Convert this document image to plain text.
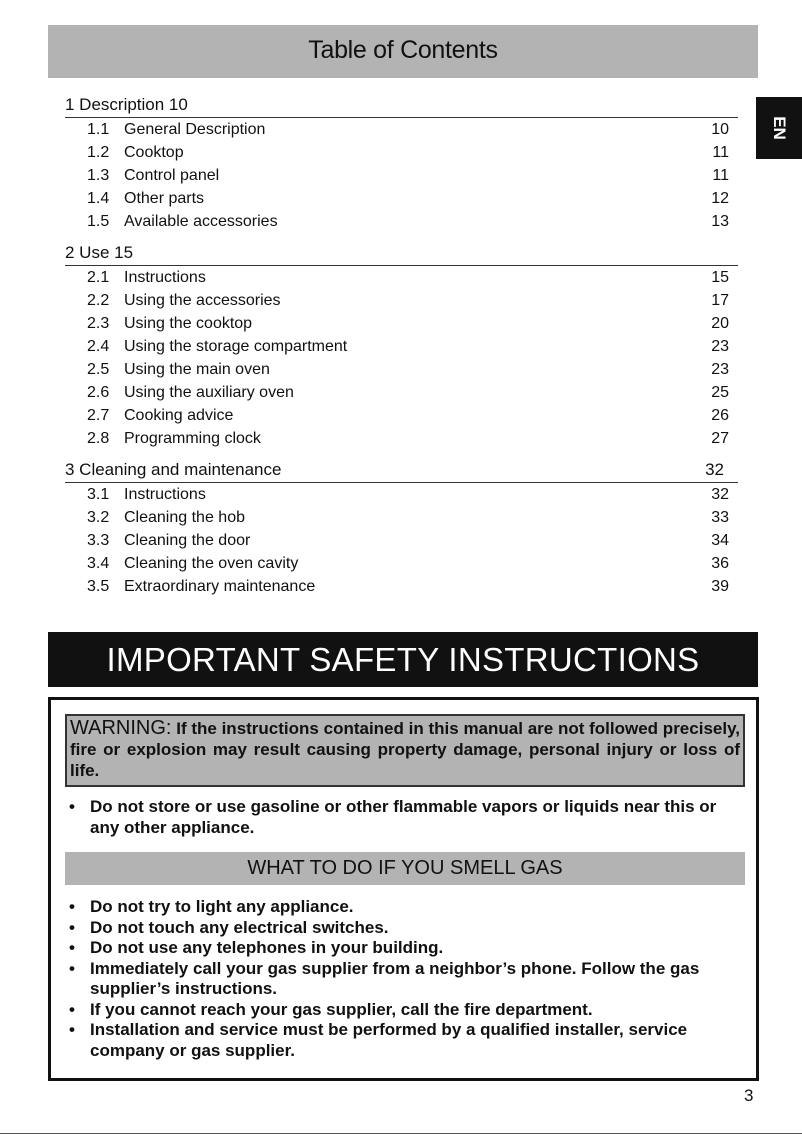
Table of Contents
EN
1 Description 10
1.1 General Description	10
1.2 Cooktop	11
1.3 Control panel	11
1.4 Other parts	12
1.5 Available accessories	13
2 Use 15
2.1 Instructions	15
2.2 Using the accessories	17
2.3 Using the cooktop	20
2.4 Using the storage compartment	23
2.5 Using the main oven	23
2.6 Using the auxiliary oven	25
2.7 Cooking advice	26
2.8 Programming clock	27
3 Cleaning and maintenance	32
3.1 Instructions	32
3.2 Cleaning the hob	33
3.3 Cleaning the door	34
3.4 Cleaning the oven cavity	36
3.5 Extraordinary maintenance	39
IMPORTANT SAFETY INSTRUCTIONS
WARNING: If the instructions contained in this manual are not followed precisely, fire or explosion may result causing property damage, personal injury or loss of life.
• Do not store or use gasoline or other flammable vapors or liquids near this or any other appliance.
WHAT TO DO IF YOU SMELL GAS
• Do not try to light any appliance.
• Do not touch any electrical switches.
• Do not use any telephones in your building.
• Immediately call your gas supplier from a neighbor’s phone. Follow the gas supplier’s instructions.
• If you cannot reach your gas supplier, call the fire department.
• Installation and service must be performed by a qualified installer, service company or gas supplier.
3
